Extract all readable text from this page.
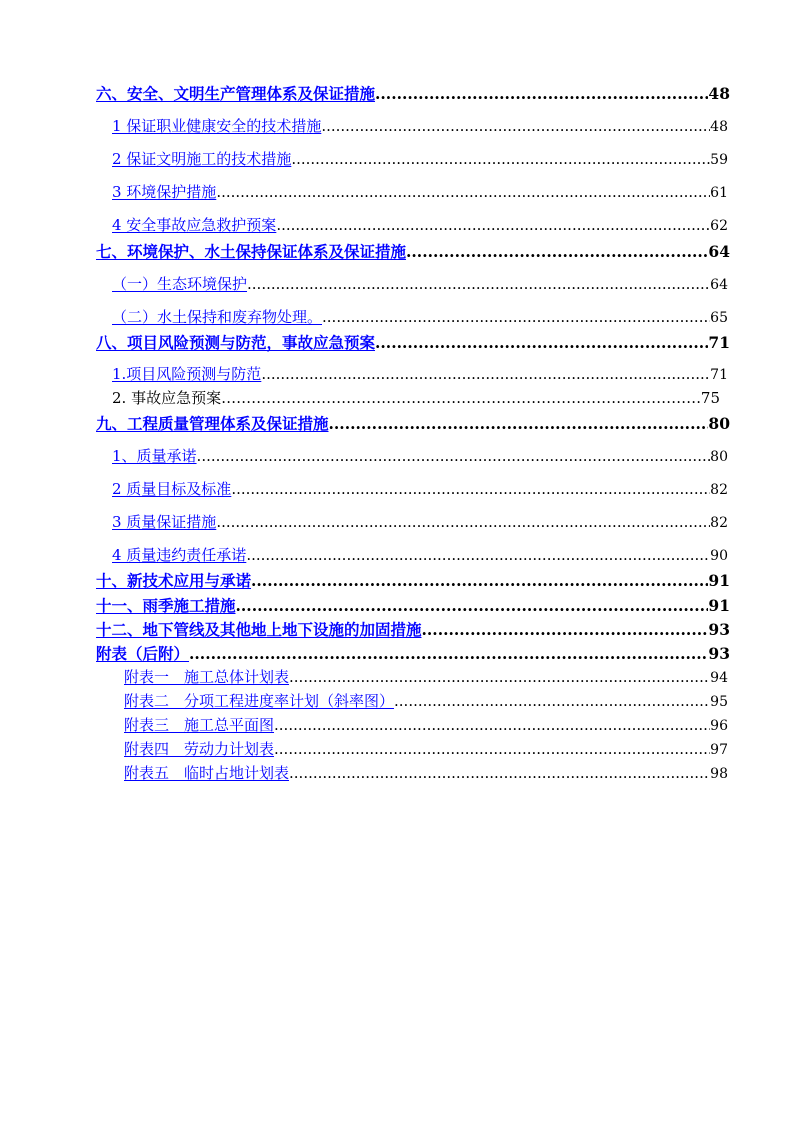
六、安全、文明生产管理体系及保证措施 .....	48
1 保证职业健康安全的技术措施 .....	48
2 保证文明施工的技术措施 .....	59
3 环境保护措施 .....	61
4 安全事故应急救护预案 .....	62
七、环境保护、水土保持保证体系及保证措施 .....	64
（一）生态环境保护 .....	64
（二）水土保持和废弃物处理。 .....	65
八、项目风险预测与防范，事故应急预案 .....	71
1.项目风险预测与防范 .....	71
2. 事故应急预案 …………………………………………………………………………………………………………………………………………	75
九、工程质量管理体系及保证措施 .....	80
1、质量承诺 .....	80
2 质量目标及标准 .....	82
3 质量保证措施 .....	82
4 质量违约责任承诺 .....	90
十、新技术应用与承诺 .....	91
十一、雨季施工措施 .....	91
十二、地下管线及其他地上地下设施的加固措施 .....	93
附表（后附） .....	93
附表一　施工总体计划表 .....	94
附表二　分项工程进度率计划（斜率图） .....	95
附表三　施工总平面图 .....	96
附表四　劳动力计划表 .....	97
附表五　临时占地计划表 .....	98
